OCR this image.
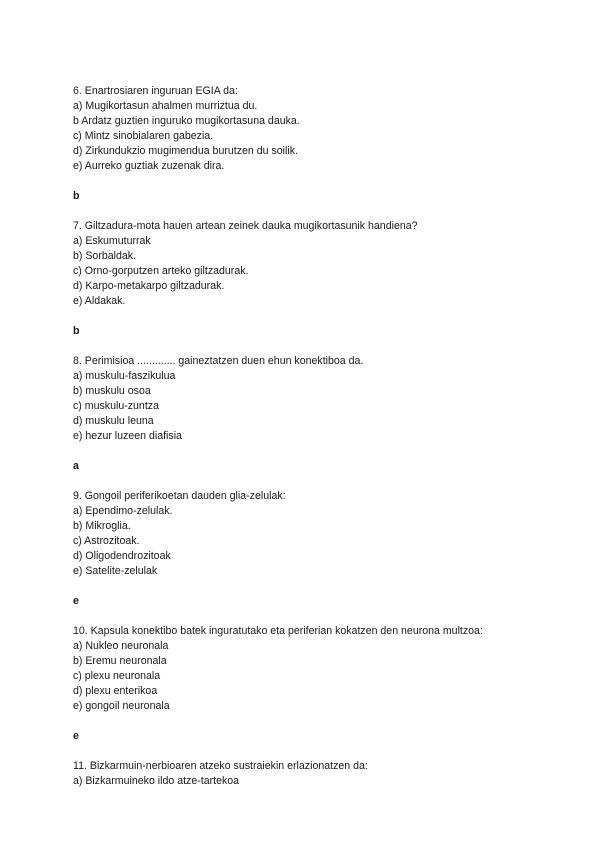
6. Enartrosiaren inguruan EGIA da:
a) Mugikortasun ahalmen murriztua du.
b Ardatz guztien inguruko mugikortasuna dauka.
c) Mintz sinobialaren gabezia.
d) Zirkundukzio mugimendua burutzen du soilik.
e) Aurreko guztiak zuzenak dira.
b
7. Giltzadura-mota hauen artean zeinek dauka mugikortasunik handiena?
a) Eskumuturrak
b) Sorbaldak.
c) Orno-gorputzen arteko giltzadurak.
d) Karpo-metakarpo giltzadurak.
e) Aldakak.
b
8. Perimisioa ............. gaineztatzen duen ehun konektiboa da.
a) muskulu-faszikulua
b) muskulu osoa
c) muskulu-zuntza
d) muskulu leuna
e) hezur luzeen diafisia
a
9. Gongoil periferikoetan dauden glia-zelulak:
a) Ependimo-zelulak.
b) Mikroglia.
c) Astrozitoak.
d) Oligodendrozitoak
e) Satelite-zelulak
e
10. Kapsula konektibo batek inguratutako eta periferian kokatzen den neurona multzoa:
a) Nukleo neuronala
b) Eremu neuronala
c) plexu neuronala
d) plexu enterikoa
e) gongoil neuronala
e
11. Bizkarmuin-nerbioaren atzeko sustraiekin erlazionatzen da:
a) Bizkarmuineko ildo atze-tartekoa
